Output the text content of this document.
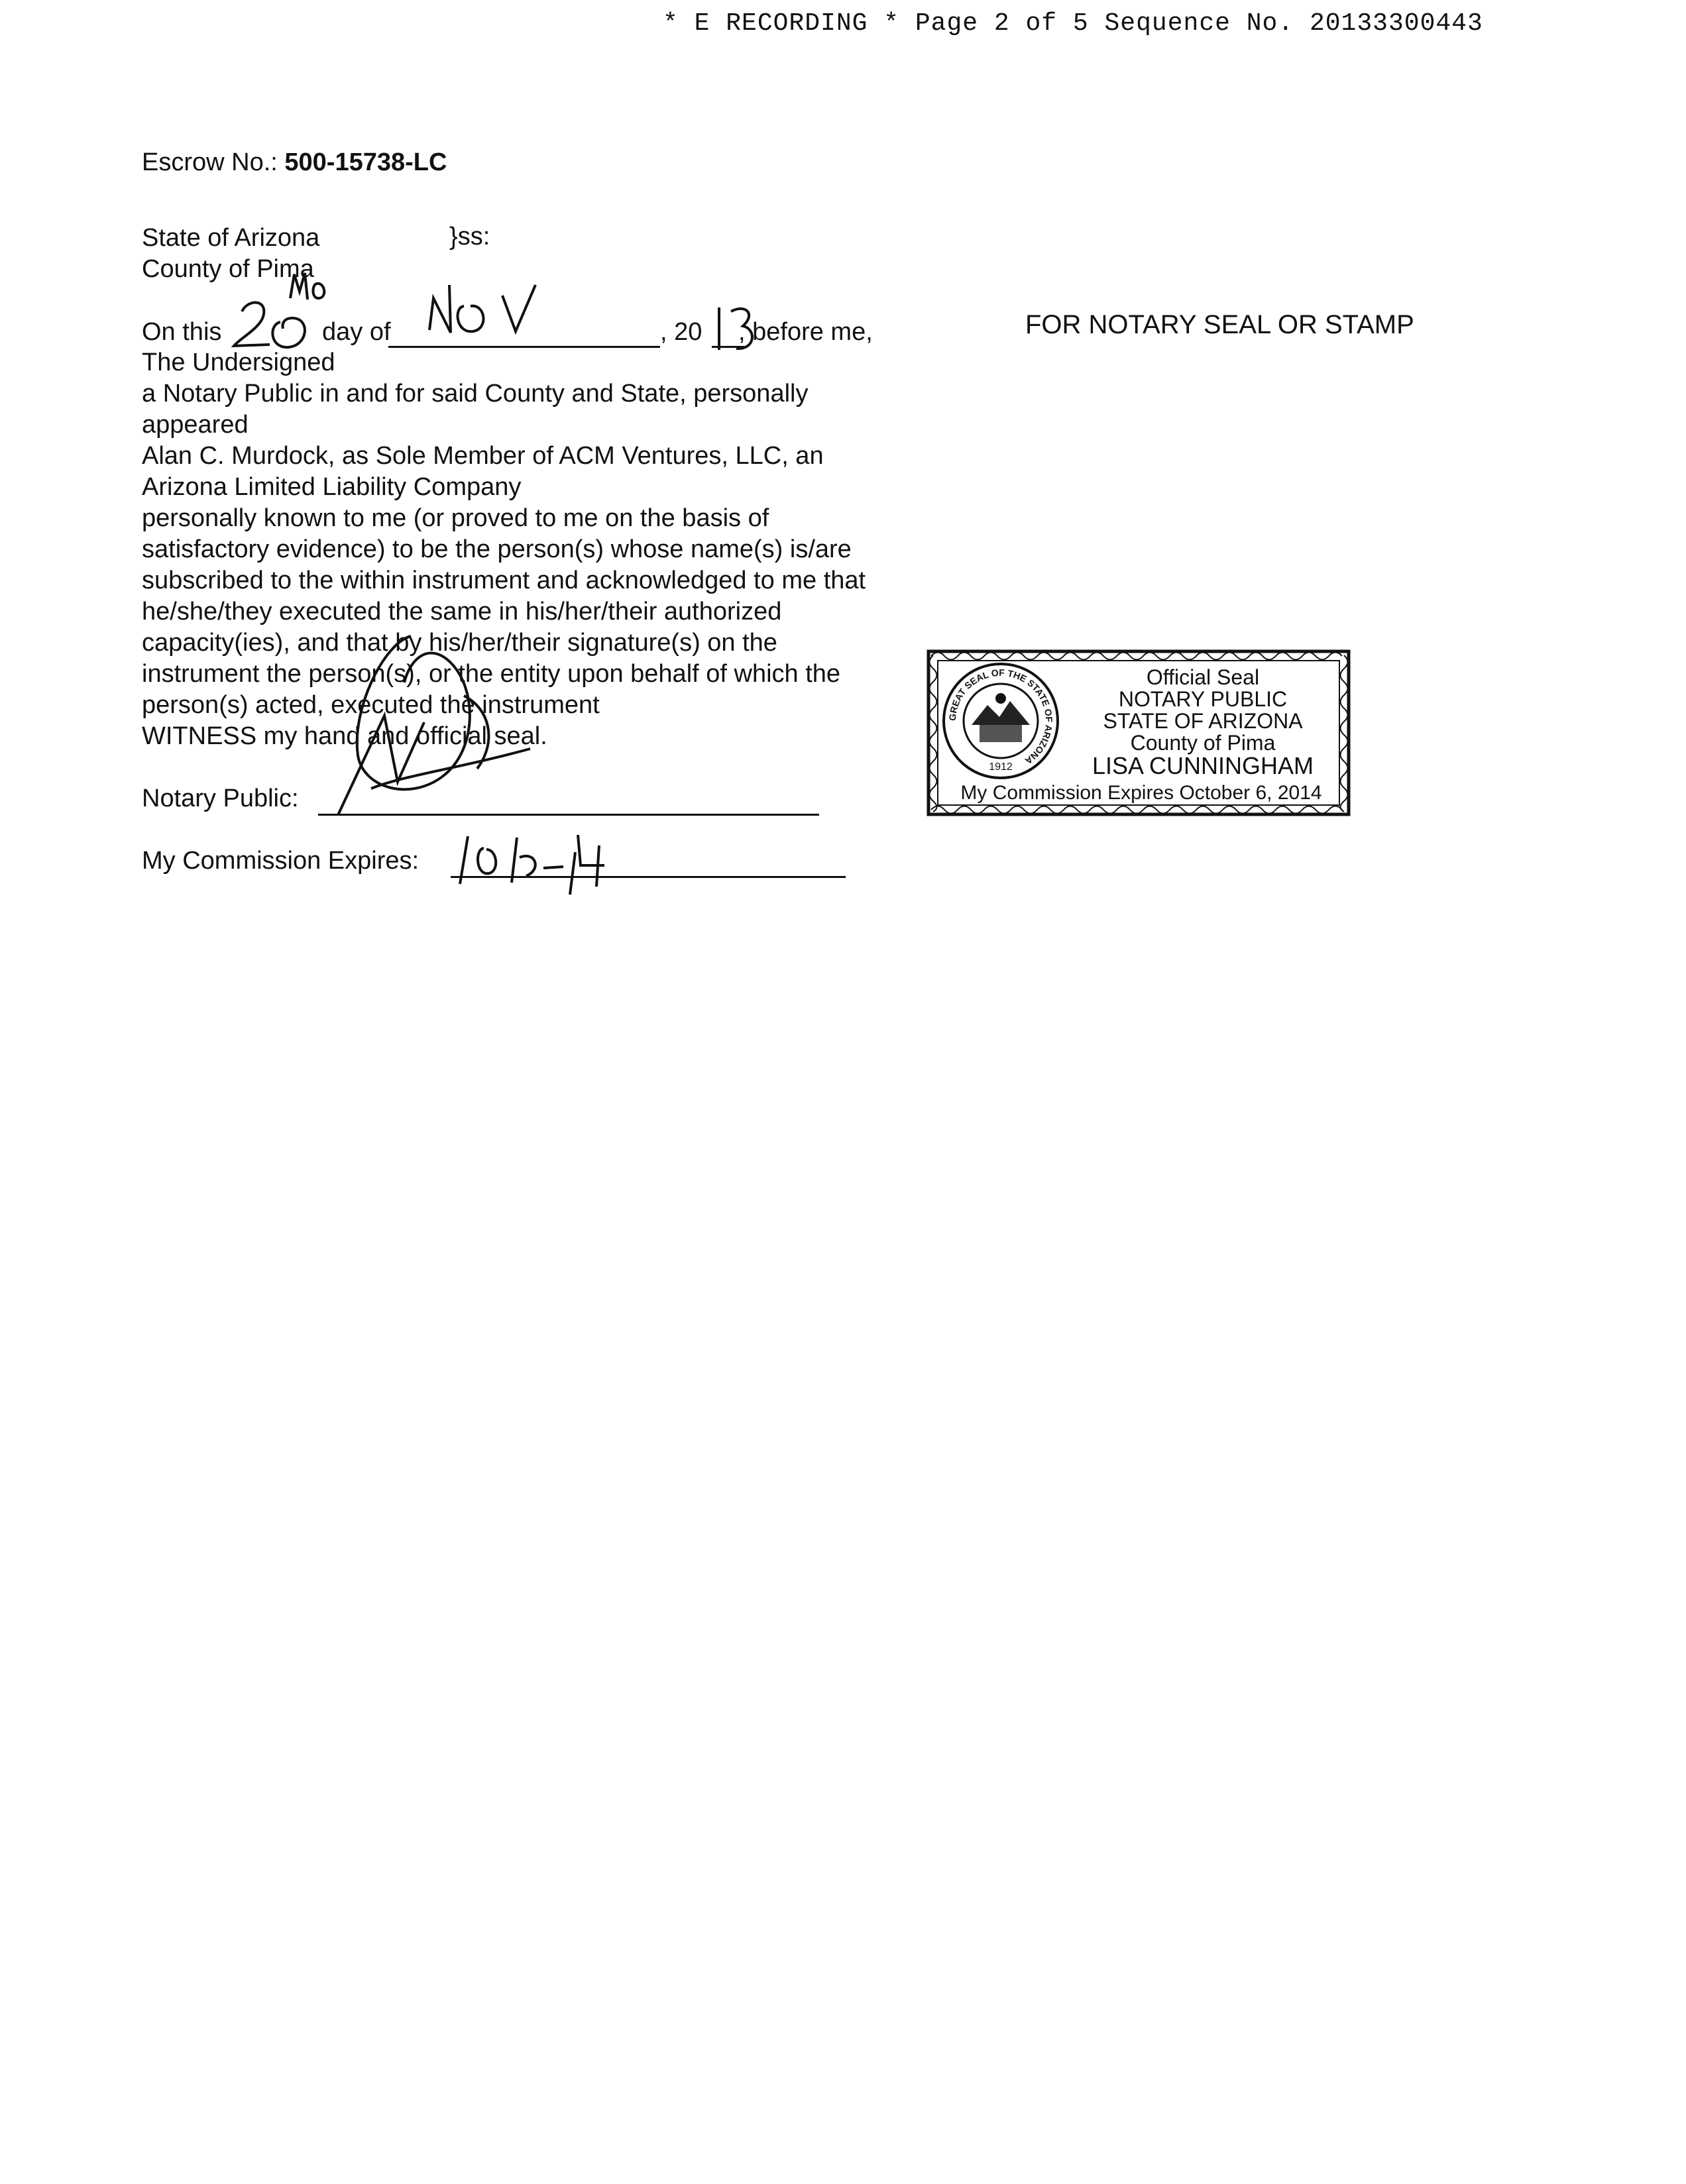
* E RECORDING * Page 2 of 5 Sequence No. 20133300443
Escrow No.: 500-15738-LC
State of Arizona	}ss:
County of Pima
On this	day of	, 20 , before me,
The Undersigned
a Notary Public in and for said County and State, personally
appeared
Alan C. Murdock, as Sole Member of ACM Ventures, LLC, an
Arizona Limited Liability Company
personally known to me (or proved to me on the basis of
satisfactory evidence) to be the person(s) whose name(s) is/are
subscribed to the within instrument and acknowledged to me that
he/she/they executed the same in his/her/their authorized
capacity(ies), and that by his/her/their signature(s) on the
instrument the person(s), or the entity upon behalf of which the
person(s) acted, executed the instrument
WITNESS my hand and official seal.
Notary Public:
My Commission Expires:
FOR NOTARY SEAL OR STAMP
GREAT SEAL OF THE STATE OF ARIZONA
1912
Official Seal
NOTARY PUBLIC
STATE OF ARIZONA
County of Pima
LISA CUNNINGHAM
My Commission Expires October 6, 2014
